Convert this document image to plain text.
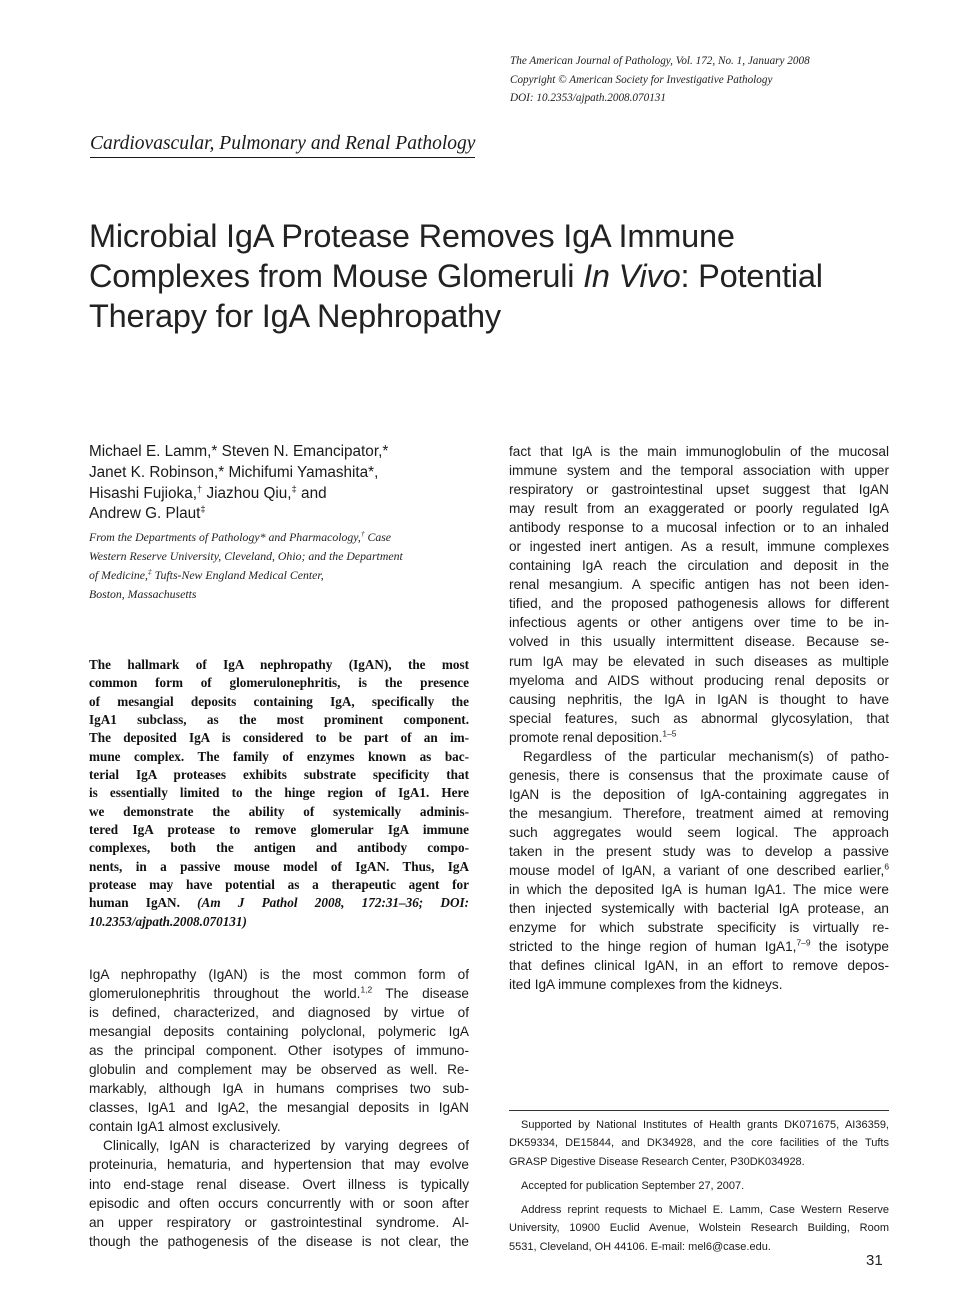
The American Journal of Pathology, Vol. 172, No. 1, January 2008
Copyright © American Society for Investigative Pathology
DOI: 10.2353/ajpath.2008.070131
Cardiovascular, Pulmonary and Renal Pathology
Microbial IgA Protease Removes IgA Immune
Complexes from Mouse Glomeruli In Vivo: Potential
Therapy for IgA Nephropathy
Michael E. Lamm,* Steven N. Emancipator,*
Janet K. Robinson,* Michifumi Yamashita*,
Hisashi Fujioka,† Jiazhou Qiu,‡ and
Andrew G. Plaut‡
From the Departments of Pathology* and Pharmacology,† Case
Western Reserve University, Cleveland, Ohio; and the Department
of Medicine,‡ Tufts-New England Medical Center,
Boston, Massachusetts
The hallmark of IgA nephropathy (IgAN), the most
common form of glomerulonephritis, is the presence
of mesangial deposits containing IgA, specifically the
IgA1 subclass, as the most prominent component.
The deposited IgA is considered to be part of an im-
mune complex. The family of enzymes known as bac-
terial IgA proteases exhibits substrate specificity that
is essentially limited to the hinge region of IgA1. Here
we demonstrate the ability of systemically adminis-
tered IgA protease to remove glomerular IgA immune
complexes, both the antigen and antibody compo-
nents, in a passive mouse model of IgAN. Thus, IgA
protease may have potential as a therapeutic agent for
human IgAN. (Am J Pathol 2008, 172:31–36; DOI:
10.2353/ajpath.2008.070131)
IgA nephropathy (IgAN) is the most common form of
glomerulonephritis throughout the world.$^{1,2}$ The disease
is defined, characterized, and diagnosed by virtue of
mesangial deposits containing polyclonal, polymeric IgA
as the principal component. Other isotypes of immuno-
globulin and complement may be observed as well. Re-
markably, although IgA in humans comprises two sub-
classes, IgA1 and IgA2, the mesangial deposits in IgAN
contain IgA1 almost exclusively.
Clinically, IgAN is characterized by varying degrees of
proteinuria, hematuria, and hypertension that may evolve
into end-stage renal disease. Overt illness is typically
episodic and often occurs concurrently with or soon after
an upper respiratory or gastrointestinal syndrome. Al-
though the pathogenesis of the disease is not clear, the
fact that IgA is the main immunoglobulin of the mucosal
immune system and the temporal association with upper
respiratory or gastrointestinal upset suggest that IgAN
may result from an exaggerated or poorly regulated IgA
antibody response to a mucosal infection or to an inhaled
or ingested inert antigen. As a result, immune complexes
containing IgA reach the circulation and deposit in the
renal mesangium. A specific antigen has not been iden-
tified, and the proposed pathogenesis allows for different
infectious agents or other antigens over time to be in-
volved in this usually intermittent disease. Because se-
rum IgA may be elevated in such diseases as multiple
myeloma and AIDS without producing renal deposits or
causing nephritis, the IgA in IgAN is thought to have
special features, such as abnormal glycosylation, that
promote renal deposition.$^{1-5}$
Regardless of the particular mechanism(s) of patho-
genesis, there is consensus that the proximate cause of
IgAN is the deposition of IgA-containing aggregates in
the mesangium. Therefore, treatment aimed at removing
such aggregates would seem logical. The approach
taken in the present study was to develop a passive
mouse model of IgAN, a variant of one described earlier,$^6$
in which the deposited IgA is human IgA1. The mice were
then injected systemically with bacterial IgA protease, an
enzyme for which substrate specificity is virtually re-
stricted to the hinge region of human IgA1,$^{7-9}$ the isotype
that defines clinical IgAN, in an effort to remove depos-
ited IgA immune complexes from the kidneys.
Supported by National Institutes of Health grants DK071675, AI36359,
DK59334, DE15844, and DK34928, and the core facilities of the Tufts
GRASP Digestive Disease Research Center, P30DK034928.
Accepted for publication September 27, 2007.
Address reprint requests to Michael E. Lamm, Case Western Reserve
University, 10900 Euclid Avenue, Wolstein Research Building, Room
5531, Cleveland, OH 44106. E-mail: mel6@case.edu.
31
